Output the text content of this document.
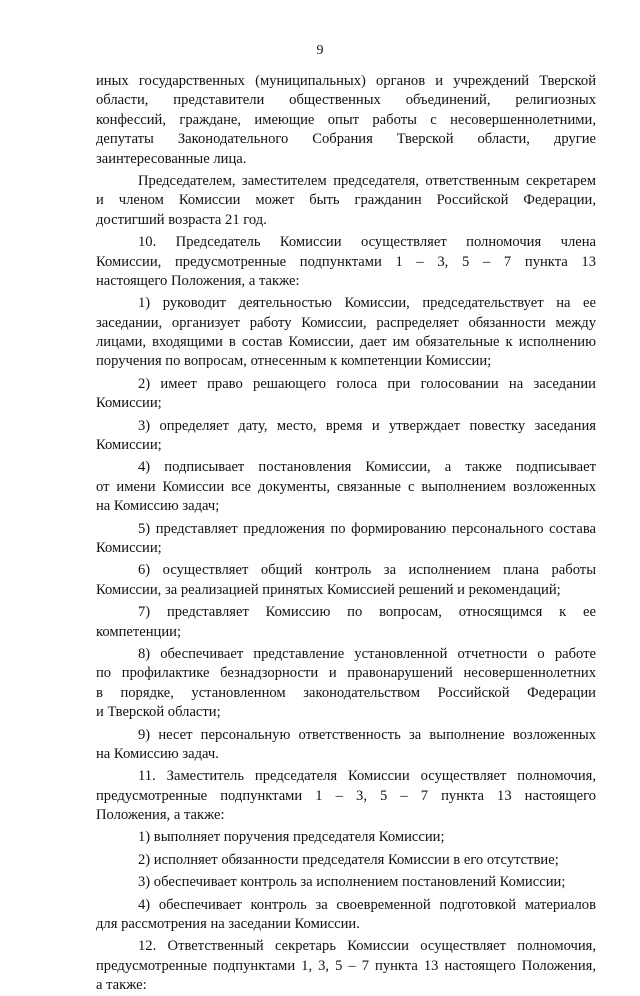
9
иных государственных (муниципальных) органов и учреждений Тверской
области, представители общественных объединений, религиозных
конфессий, граждане, имеющие опыт работы с несовершеннолетними,
депутаты Законодательного Собрания Тверской области, другие
заинтересованные лица.
Председателем, заместителем председателя, ответственным секретарем
и членом Комиссии может быть гражданин Российской Федерации,
достигший возраста 21 год.
10. Председатель Комиссии осуществляет полномочия члена
Комиссии, предусмотренные подпунктами 1 – 3, 5 – 7 пункта 13
настоящего Положения, а также:
1) руководит деятельностью Комиссии, председательствует на ее
заседании, организует работу Комиссии, распределяет обязанности между
лицами, входящими в состав Комиссии, дает им обязательные к исполнению
поручения по вопросам, отнесенным к компетенции Комиссии;
2) имеет право решающего голоса при голосовании на заседании
Комиссии;
3) определяет дату, место, время и утверждает повестку заседания
Комиссии;
4) подписывает постановления Комиссии, а также подписывает
от имени Комиссии все документы, связанные с выполнением возложенных
на Комиссию задач;
5) представляет предложения по формированию персонального состава
Комиссии;
6) осуществляет общий контроль за исполнением плана работы
Комиссии, за реализацией принятых Комиссией решений и рекомендаций;
7) представляет Комиссию по вопросам, относящимся к ее
компетенции;
8) обеспечивает представление установленной отчетности о работе
по профилактике безнадзорности и правонарушений несовершеннолетних
в порядке, установленном законодательством Российской Федерации
и Тверской области;
9) несет персональную ответственность за выполнение возложенных
на Комиссию задач.
11. Заместитель председателя Комиссии осуществляет полномочия,
предусмотренные подпунктами 1 – 3, 5 – 7 пункта 13 настоящего
Положения, а также:
1) выполняет поручения председателя Комиссии;
2) исполняет обязанности председателя Комиссии в его отсутствие;
3) обеспечивает контроль за исполнением постановлений Комиссии;
4) обеспечивает контроль за своевременной подготовкой материалов
для рассмотрения на заседании Комиссии.
12. Ответственный секретарь Комиссии осуществляет полномочия,
предусмотренные подпунктами 1, 3, 5 – 7 пункта 13 настоящего Положения,
а также:
